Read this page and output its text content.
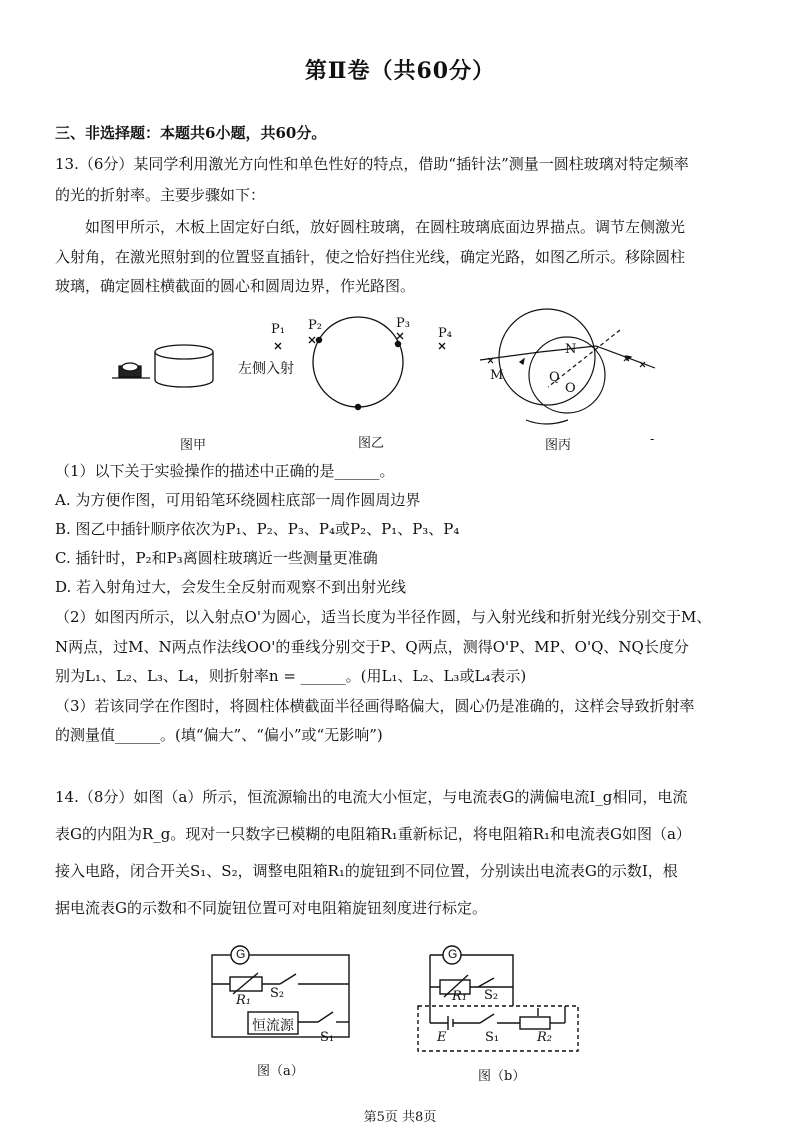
第Ⅱ卷（共60分）
三、非选择题：本题共6小题，共60分。
13.（6分）某同学利用激光方向性和单色性好的特点，借助“插针法”测量一圆柱玻璃对特定频率
的光的折射率。主要步骤如下：
如图甲所示，木板上固定好白纸，放好圆柱玻璃，在圆柱玻璃底面边界描点。调节左侧激光
入射角，在激光照射到的位置竖直插针，使之恰好挡住光线，确定光路，如图乙所示。移除圆柱
玻璃，确定圆柱横截面的圆心和圆周边界，作光路图。
P₁ P₂	P₃
P₄
左侧入射	M
N
Q
O
图甲	图乙	图丙	-
（1）以下关于实验操作的描述中正确的是______。
A. 为方便作图，可用铅笔环绕圆柱底部一周作圆周边界
B. 图乙中插针顺序依次为P₁、P₂、P₃、P₄或P₂、P₁、P₃、P₄
C. 插针时，P₂和P₃离圆柱玻璃近一些测量更准确
D. 若入射角过大，会发生全反射而观察不到出射光线
（2）如图丙所示，以入射点O'为圆心，适当长度为半径作圆，与入射光线和折射光线分别交于M、
N两点，过M、N两点作法线OO'的垂线分别交于P、Q两点，测得O'P、MP、O'Q、NQ长度分
别为L₁、L₂、L₃、L₄，则折射率n = ______。(用L₁、L₂、L₃或L₄表示)
（3）若该同学在作图时，将圆柱体横截面半径画得略偏大，圆心仍是准确的，这样会导致折射率
的测量值______。(填“偏大”、“偏小”或“无影响”)
14.（8分）如图（a）所示，恒流源输出的电流大小恒定，与电流表G的满偏电流I_g相同，电流
表G的内阻为R_g。现对一只数字已模糊的电阻箱R₁重新标记，将电阻箱R₁和电流表G如图（a）
接入电路，闭合开关S₁、S₂，调整电阻箱R₁的旋钮到不同位置，分别读出电流表G的示数I，根
据电流表G的示数和不同旋钮位置可对电阻箱旋钮刻度进行标定。
G
R₁ S₂
恒流源
S₁
图（a）
G
R₁ S₂
E	S₁	R₂
图（b）
第5页 共8页
